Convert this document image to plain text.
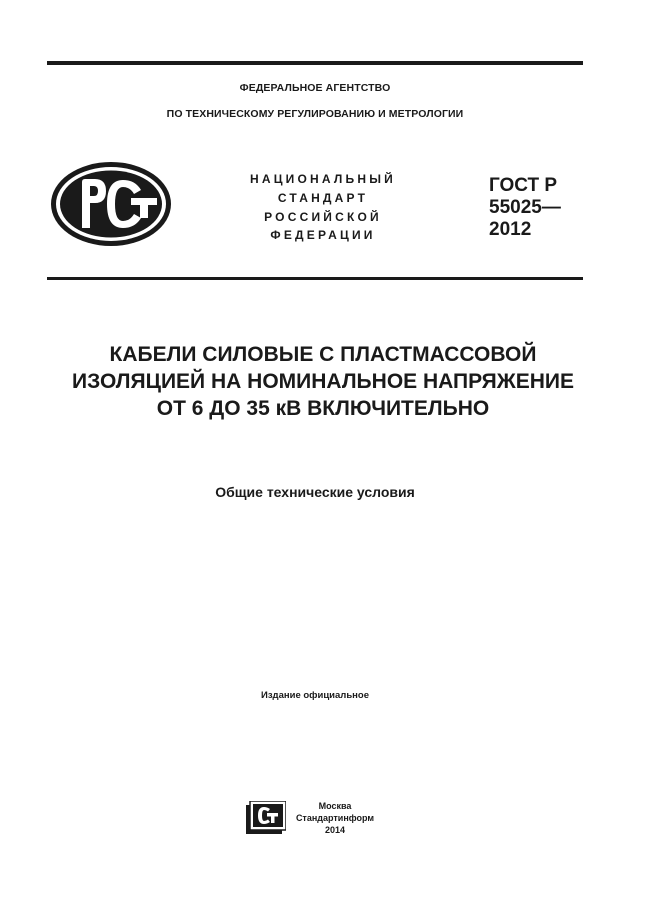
ФЕДЕРАЛЬНОЕ АГЕНТСТВО
ПО ТЕХНИЧЕСКОМУ РЕГУЛИРОВАНИЮ И МЕТРОЛОГИИ
НАЦИОНАЛЬНЫЙ
СТАНДАРТ
РОССИЙСКОЙ
ФЕДЕРАЦИИ
ГОСТ Р
55025—
2012
КАБЕЛИ СИЛОВЫЕ С ПЛАСТМАССОВОЙ
ИЗОЛЯЦИЕЙ НА НОМИНАЛЬНОЕ НАПРЯЖЕНИЕ
ОТ 6 ДО 35 кВ ВКЛЮЧИТЕЛЬНО
Общие технические условия
Издание официальное
Москва
Стандартинформ
2014
